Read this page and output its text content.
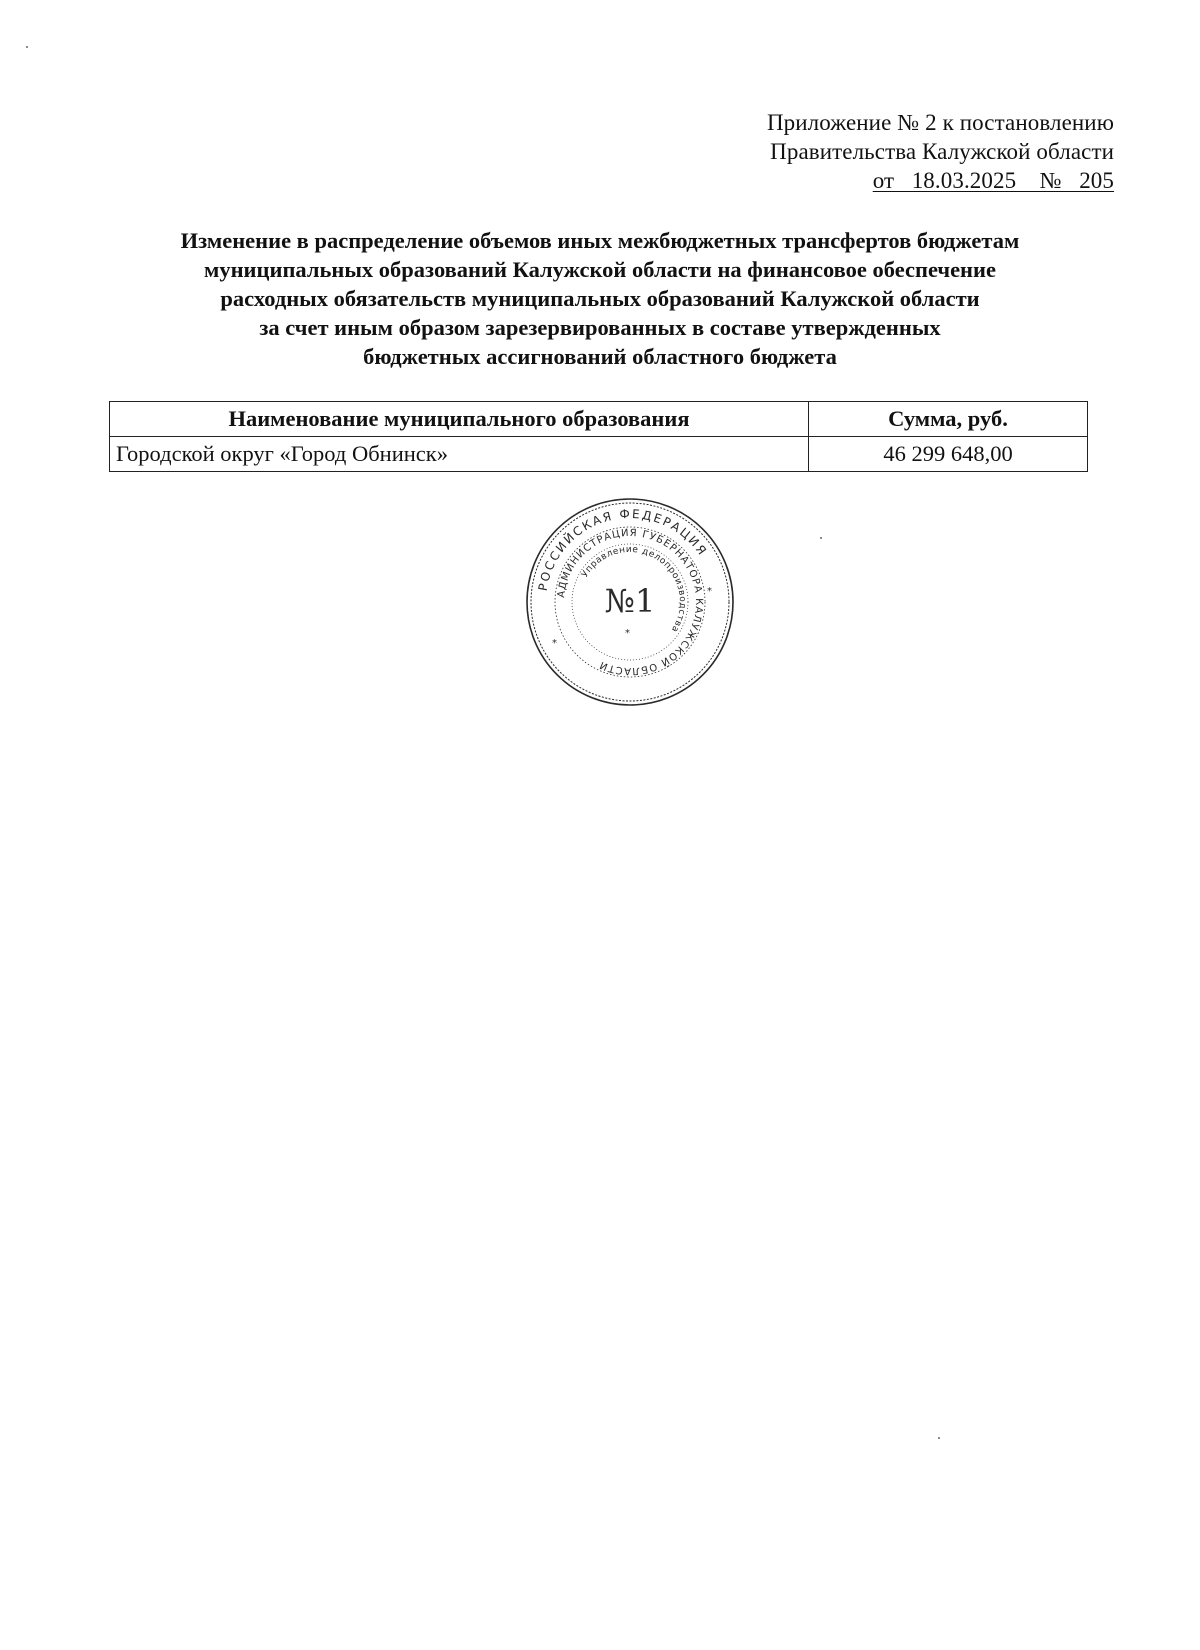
Приложение № 2 к постановлению
Правительства Калужской области
от   18.03.2025    №   205
Изменение в распределение объемов иных межбюджетных трансфертов бюджетам
муниципальных образований Калужской области на финансовое обеспечение
расходных обязательств муниципальных образований Калужской области
за счет иным образом зарезервированных в составе утвержденных
бюджетных ассигнований областного бюджета
Наименование муниципального образования	Сумма, руб.
Городской округ «Город Обнинск»	46 299 648,00
РОССИЙСКАЯ ФЕДЕРАЦИЯ
АДМИНИСТРАЦИЯ ГУБЕРНАТОРА КАЛУЖСКОЙ ОБЛАСТИ
Управление делопроизводства
№1
*
*
*
